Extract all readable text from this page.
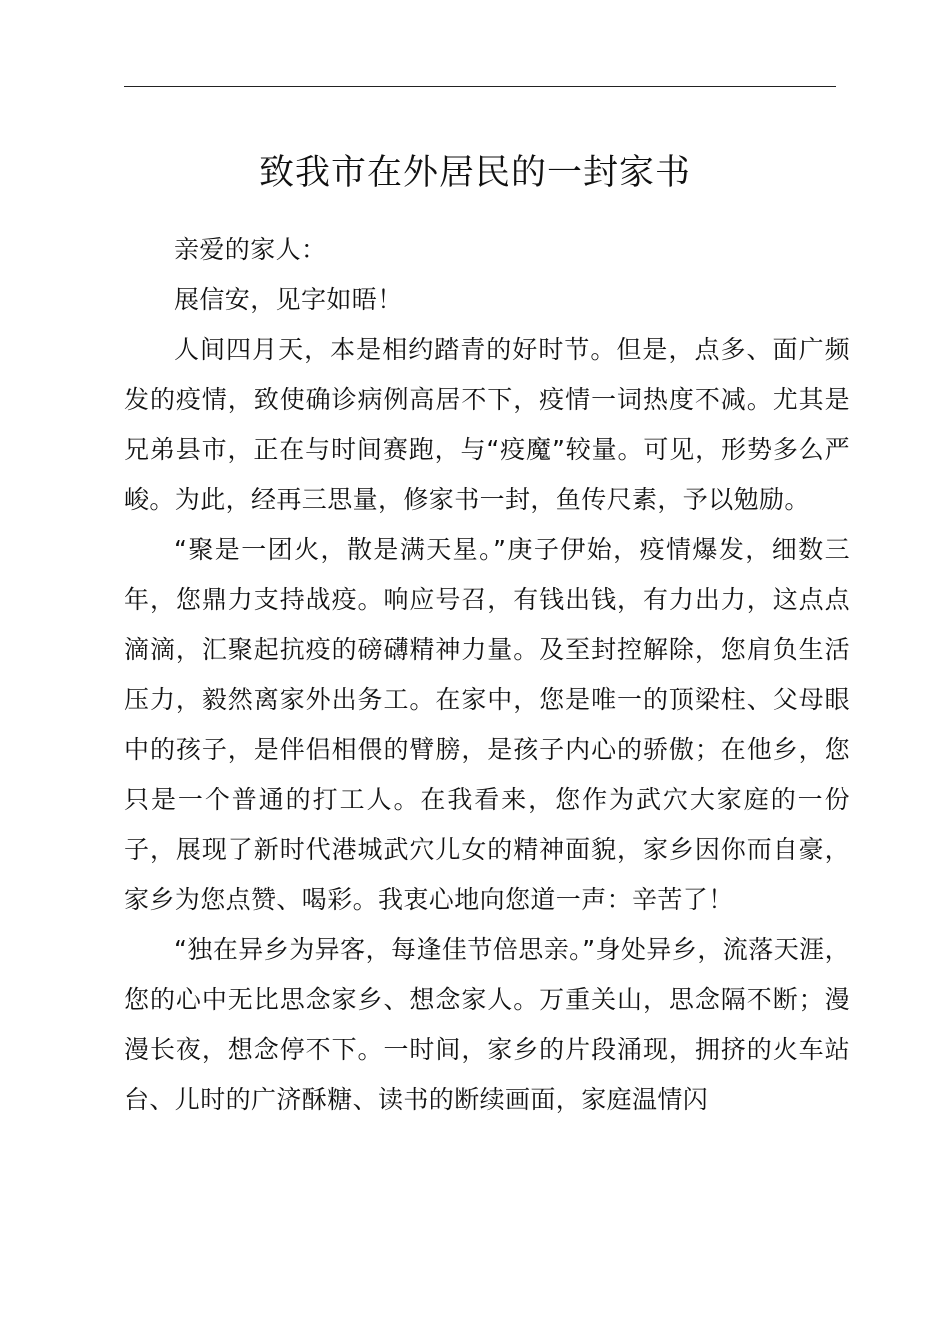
致我市在外居民的一封家书

亲爱的家人：

展信安，见字如晤！

人间四月天，本是相约踏青的好时节。但是，点多、面广频发的疫情，致使确诊病例高居不下，疫情一词热度不减。尤其是兄弟县市，正在与时间赛跑，与“疫魔”较量。可见，形势多么严峻。为此，经再三思量，修家书一封，鱼传尺素，予以勉励。

“聚是一团火，散是满天星。”庚子伊始，疫情爆发，细数三年，您鼎力支持战疫。响应号召，有钱出钱，有力出力，这点点滴滴，汇聚起抗疫的磅礴精神力量。及至封控解除，您肩负生活压力，毅然离家外出务工。在家中，您是唯一的顶梁柱、父母眼中的孩子，是伴侣相偎的臂膀，是孩子内心的骄傲；在他乡，您只是一个普通的打工人。在我看来，您作为武穴大家庭的一份子，展现了新时代港城武穴儿女的精神面貌，家乡因你而自豪，家乡为您点赞、喝彩。我衷心地向您道一声：辛苦了！

“独在异乡为异客，每逢佳节倍思亲。”身处异乡，流落天涯，您的心中无比思念家乡、想念家人。万重关山，思念隔不断；漫漫长夜，想念停不下。一时间，家乡的片段涌现，拥挤的火车站台、儿时的广济酥糖、读书的断续画面，家庭温情闪
